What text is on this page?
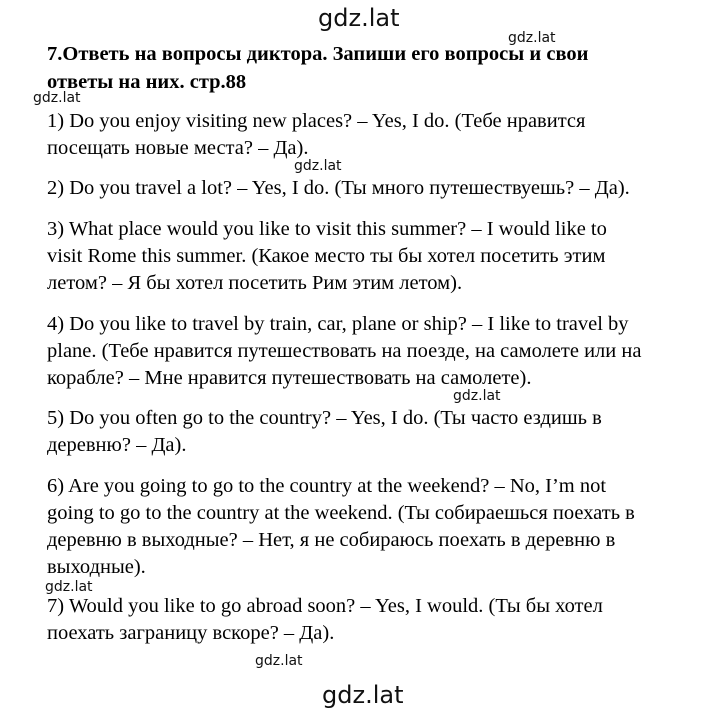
gdz.lat
gdz.lat
gdz.lat
gdz.lat
gdz.lat
gdz.lat
gdz.lat
gdz.lat
7.Ответь на вопросы диктора. Запиши его вопросы и свои ответы на них. стр.88
1) Do you enjoy visiting new places? – Yes, I do. (Тебе нравится посещать новые места? – Да).
2) Do you travel a lot? – Yes, I do. (Ты много путешествуешь? – Да).
3) What place would you like to visit this summer? – I would like to visit Rome this summer. (Какое место ты бы хотел посетить этим летом? – Я бы хотел посетить Рим этим летом).
4) Do you like to travel by train, car, plane or ship? – I like to travel by plane. (Тебе нравится путешествовать на поезде, на самолете или на корабле? – Мне нравится путешествовать на самолете).
5) Do you often go to the country? – Yes, I do. (Ты часто ездишь в деревню? – Да).
6) Are you going to go to the country at the weekend? – No, I’m not going to go to the country at the weekend. (Ты собираешься поехать в деревню в выходные? – Нет, я не собираюсь поехать в деревню в выходные).
7) Would you like to go abroad soon? – Yes, I would. (Ты бы хотел поехать заграницу вскоре? – Да).
